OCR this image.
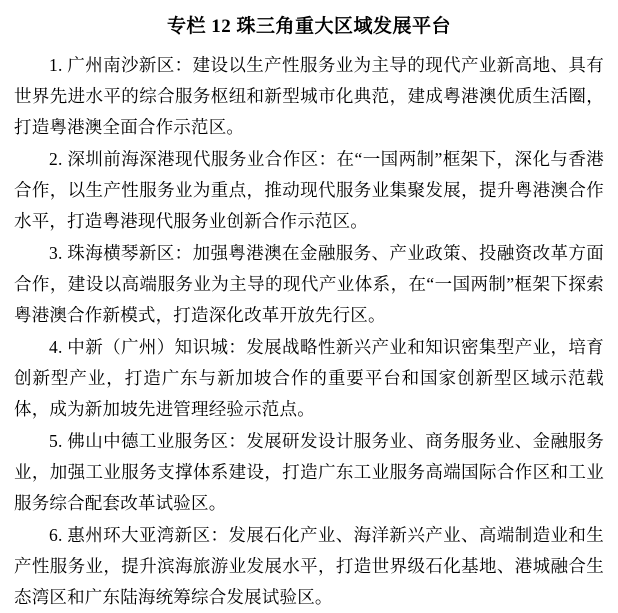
专栏 12 珠三角重大区域发展平台

1. 广州南沙新区：建设以生产性服务业为主导的现代产业新高地、具有世界先进水平的综合服务枢纽和新型城市化典范，建成粤港澳优质生活圈，打造粤港澳全面合作示范区。

2. 深圳前海深港现代服务业合作区：在“一国两制”框架下，深化与香港合作，以生产性服务业为重点，推动现代服务业集聚发展，提升粤港澳合作水平，打造粤港现代服务业创新合作示范区。

3. 珠海横琴新区：加强粤港澳在金融服务、产业政策、投融资改革方面合作，建设以高端服务业为主导的现代产业体系，在“一国两制”框架下探索粤港澳合作新模式，打造深化改革开放先行区。

4. 中新（广州）知识城：发展战略性新兴产业和知识密集型产业，培育创新型产业，打造广东与新加坡合作的重要平台和国家创新型区域示范载体，成为新加坡先进管理经验示范点。

5. 佛山中德工业服务区：发展研发设计服务业、商务服务业、金融服务业，加强工业服务支撑体系建设，打造广东工业服务高端国际合作区和工业服务综合配套改革试验区。

6. 惠州环大亚湾新区：发展石化产业、海洋新兴产业、高端制造业和生产性服务业，提升滨海旅游业发展水平，打造世界级石化基地、港城融合生态湾区和广东陆海统筹综合发展试验区。
